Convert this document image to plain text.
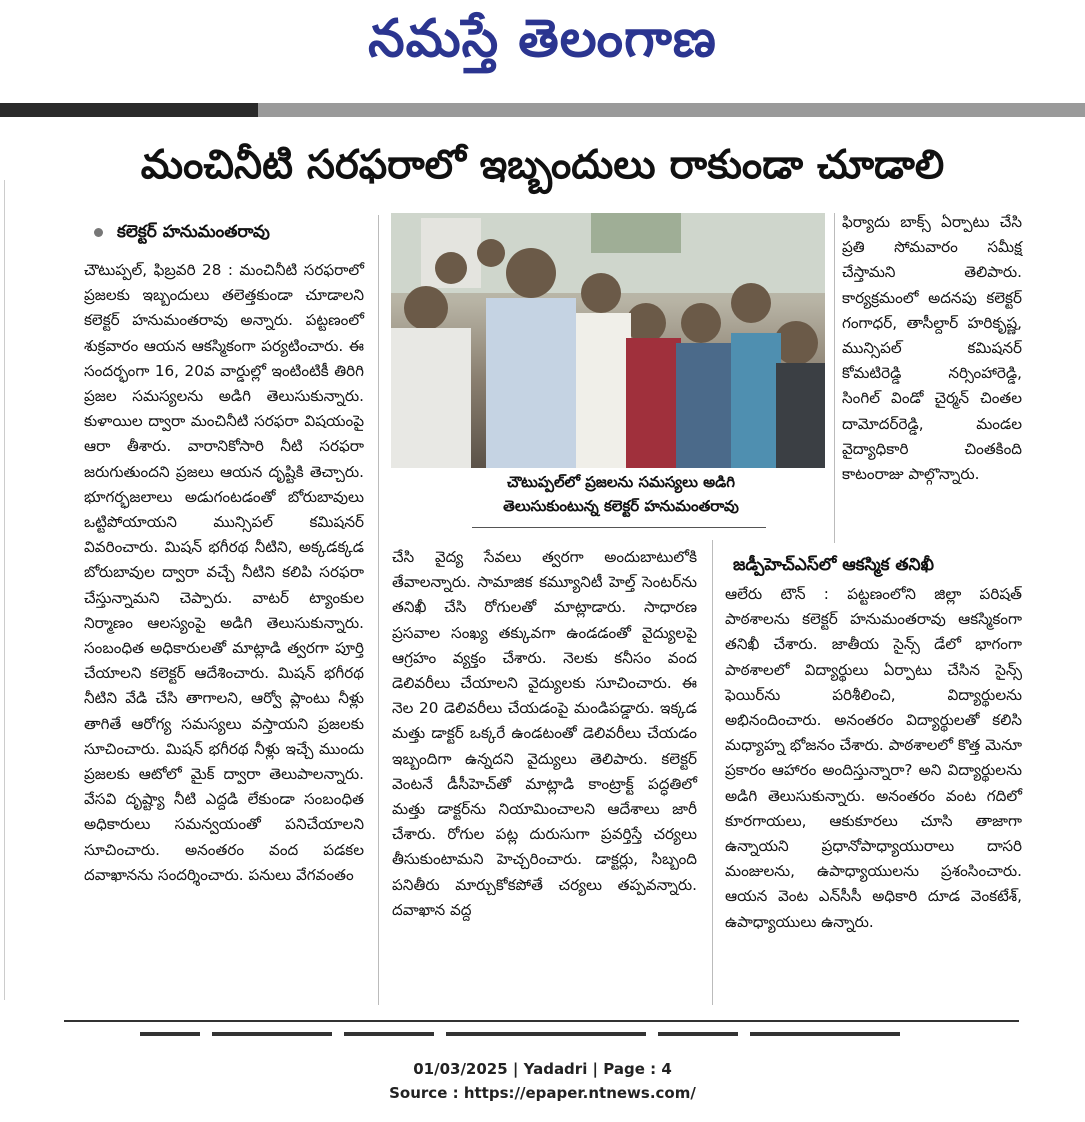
నమస్తే తెలంగాణ
మంచినీటి సరఫరాలో ఇబ్బందులు రాకుండా చూడాలి
కలెక్టర్ హనుమంతరావు

చౌటుప్పల్, ఫిబ్రవరి 28 : మంచినీటి సరఫరాలో ప్రజలకు ఇబ్బందులు తలెత్తకుండా చూడాలని కలెక్టర్ హనుమంతరావు అన్నారు. పట్టణంలో శుక్రవారం ఆయన ఆకస్మికంగా పర్యటించారు. ఈ సందర్భంగా 16, 20వ వార్డుల్లో ఇంటింటికీ తిరిగి ప్రజల సమస్యలను అడిగి తెలుసుకున్నారు. కుళాయిల ద్వారా మంచినీటి సరఫరా విషయంపై ఆరా తీశారు. వారానికోసారి నీటి సరఫరా జరుగుతుందని ప్రజలు ఆయన దృష్టికి తెచ్చారు. భూగర్భజలాలు అడుగంటడంతో బోరుబావులు ఒట్టిపోయాయని మున్సిపల్ కమిషనర్ వివరించారు. మిషన్ భగీరథ నీటిని, అక్కడక్కడ బోరుబావుల ద్వారా వచ్చే నీటిని కలిపి సరఫరా చేస్తున్నామని చెప్పారు. వాటర్ ట్యాంకుల నిర్మాణం ఆలస్యంపై అడిగి తెలుసుకున్నారు. సంబంధిత అధికారులతో మాట్లాడి త్వరగా పూర్తి చేయాలని కలెక్టర్ ఆదేశించారు. మిషన్ భగీరథ నీటిని వేడి చేసి తాగాలని, ఆర్వో ప్లాంటు నీళ్లు తాగితే ఆరోగ్య సమస్యలు వస్తాయని ప్రజలకు సూచించారు. మిషన్ భగీరథ నీళ్లు ఇచ్చే ముందు ప్రజలకు ఆటోలో మైక్ ద్వారా తెలుపాలన్నారు. వేసవి దృష్ట్యా నీటి ఎద్దడి లేకుండా సంబంధిత అధికారులు సమన్వయంతో పనిచేయాలని సూచించారు. అనంతరం వంద పడకల దవాఖానను సందర్శించారు. పనులు వేగవంతం

చౌటుప్పల్‌లో ప్రజలను సమస్యలు అడిగి తెలుసుకుంటున్న కలెక్టర్ హనుమంతరావు

చేసి వైద్య సేవలు త్వరగా అందుబాటులోకి తేవాలన్నారు. సామాజిక కమ్యూనిటీ హెల్త్ సెంటర్‌ను తనిఖీ చేసి రోగులతో మాట్లాడారు. సాధారణ ప్రసవాల సంఖ్య తక్కువగా ఉండడంతో వైద్యులపై ఆగ్రహం వ్యక్తం చేశారు. నెలకు కనీసం వంద డెలివరీలు చేయాలని వైద్యులకు సూచించారు. ఈ నెల 20 డెలివరీలు చేయడంపై మండిపడ్డారు. ఇక్కడ మత్తు డాక్టర్ ఒక్కరే ఉండటంతో డెలివరీలు చేయడం ఇబ్బందిగా ఉన్నదని వైద్యులు తెలిపారు. కలెక్టర్ వెంటనే డీసీహెచ్‌తో మాట్లాడి కాంట్రాక్ట్ పద్ధతిలో మత్తు డాక్టర్‌ను నియామించాలని ఆదేశాలు జారీ చేశారు. రోగుల పట్ల దురుసుగా ప్రవర్తిస్తే చర్యలు తీసుకుంటామని హెచ్చరించారు. డాక్టర్లు, సిబ్బంది పనితీరు మార్చుకోకపోతే చర్యలు తప్పవన్నారు. దవాఖాన వద్ద

ఫిర్యాదు బాక్స్ ఏర్పాటు చేసి ప్రతి సోమవారం సమీక్ష చేస్తామని తెలిపారు. కార్యక్రమంలో అదనపు కలెక్టర్ గంగాధర్, తాసీల్దార్ హరికృష్ణ, మున్సిపల్ కమిషనర్ కోమటిరెడ్డి నర్సింహారెడ్డి, సింగిల్ విండో చైర్మన్ చింతల దామోదర్‌రెడ్డి, మండల వైద్యాధికారి చింతకింది కాటంరాజు పాల్గొన్నారు.

జడ్పీహెచ్ఎస్‌లో ఆకస్మిక తనిఖీ

ఆలేరు టౌన్ : పట్టణంలోని జిల్లా పరిషత్ పాఠశాలను కలెక్టర్ హనుమంతరావు ఆకస్మికంగా తనిఖీ చేశారు. జాతీయ సైన్స్ డేలో భాగంగా పాఠశాలలో విద్యార్థులు ఏర్పాటు చేసిన సైన్స్ ఫెయిర్‌ను పరిశీలించి, విద్యార్థులను అభినందించారు. అనంతరం విద్యార్థులతో కలిసి మధ్యాహ్న భోజనం చేశారు. పాఠశాలలో కొత్త మెనూ ప్రకారం ఆహారం అందిస్తున్నారా? అని విద్యార్థులను అడిగి తెలుసుకున్నారు. అనంతరం వంట గదిలో కూరగాయలు, ఆకుకూరలు చూసి తాజాగా ఉన్నాయని ప్రధానోపాధ్యాయురాలు దాసరి మంజులను, ఉపాధ్యాయులను ప్రశంసించారు. ఆయన వెంట ఎన్‌సీసీ అధికారి దూడ వెంకటేశ్, ఉపాధ్యాయులు ఉన్నారు.

01/03/2025 | Yadadri | Page : 4
Source : https://epaper.ntnews.com/
